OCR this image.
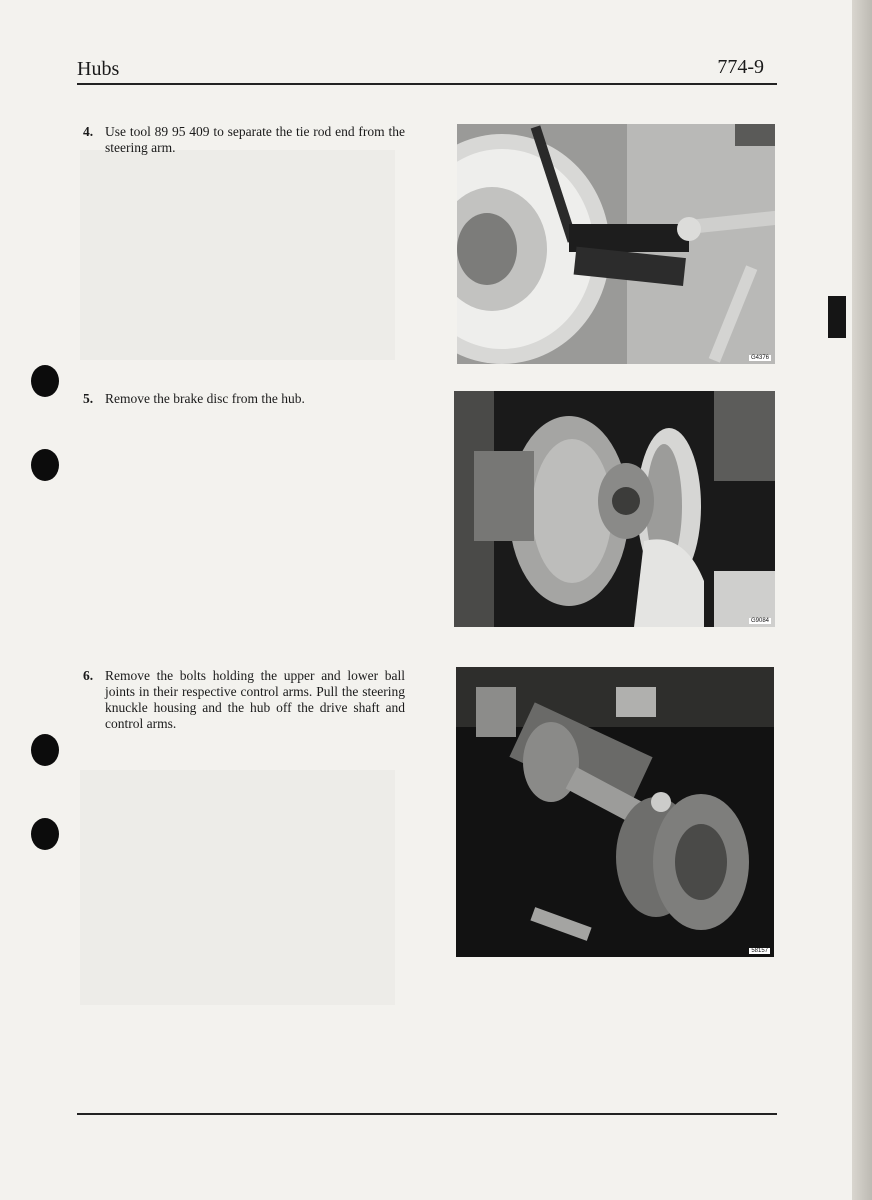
Hubs	774-9
4. Use tool 89 95 409 to separate the tie rod end from the steering arm.
5. Remove the brake disc from the hub.
6. Remove the bolts holding the upper and lower ball joints in their respective control arms. Pull the steering knuckle housing and the hub off the drive shaft and control arms.
G4376
G9084
58157
